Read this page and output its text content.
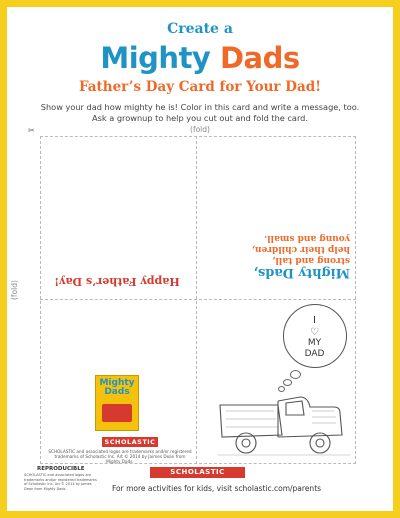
Create a
Mighty Dads
Father’s Day Card for Your Dad!
Show your dad how mighty he is! Color in this card and write a message, too.
Ask a grownup to help you cut out and fold the card.
(fold)
✂
(fold)	Happy Father’s Day!
Mighty Dads,
strong and tall,
help their children,
young and small.
Mighty
Dads
SCHOLASTIC
SCHOLASTIC and associated logos are trademarks and/or registered trademarks of Scholastic Inc. Art © 2014 by Jaimes Dean from Mighty Dads.
I
♡
MY
DAD
REPRODUCIBLE
SCHOLASTIC and associated logos are trademarks and/or registered trademarks of Scholastic Inc. Art © 2014 by James Dean from Mighty Dads.
SCHOLASTIC
For more activities for kids, visit scholastic.com/parents
